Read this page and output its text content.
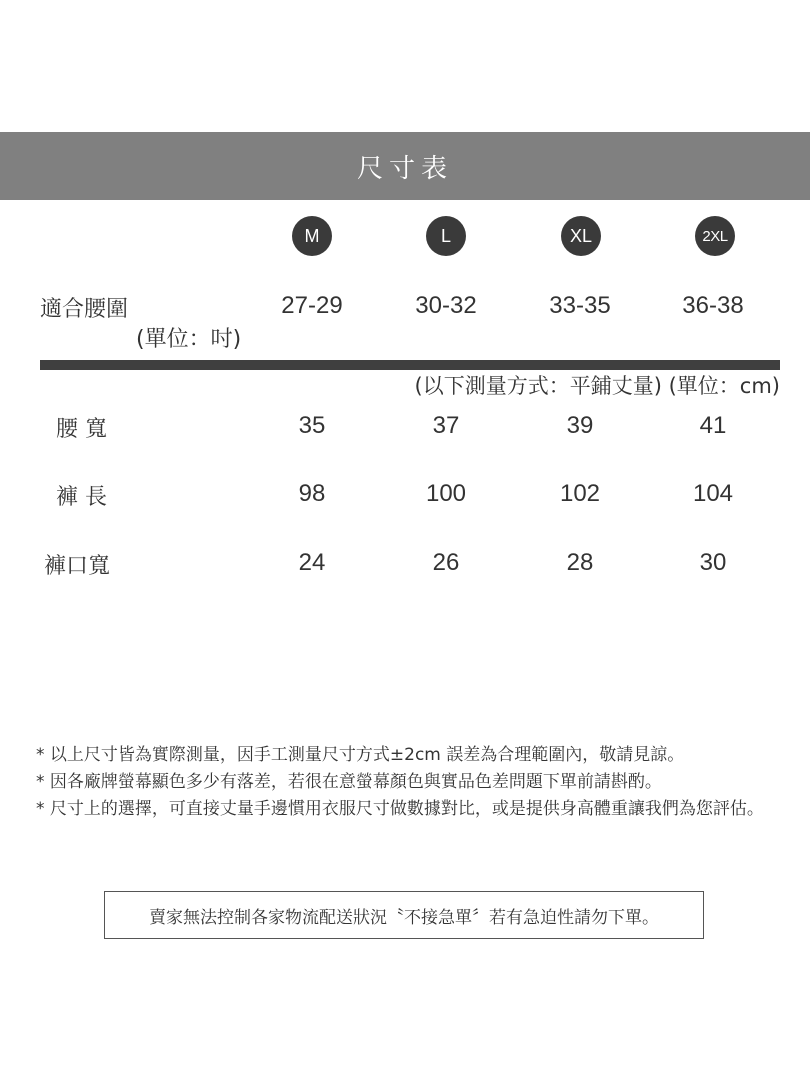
尺寸表
M	L	XL	2XL
適合腰圍
(單位：吋)
27-29	30-32	33-35	36-38
(以下測量方式：平鋪丈量) (單位：cm)
腰 寬	35	37	39	41
褲 長	98	100	102	104
褲口寬	24	26	28	30

* 以上尺寸皆為實際測量，因手工測量尺寸方式±2cm 誤差為合理範圍內，敬請見諒。

* 因各廠牌螢幕顯色多少有落差，若很在意螢幕顏色與實品色差問題下單前請斟酌。

* 尺寸上的選擇，可直接丈量手邊慣用衣服尺寸做數據對比，或是提供身高體重讓我們為您評估。

賣家無法控制各家物流配送狀況〝不接急單〞若有急迫性請勿下單。
